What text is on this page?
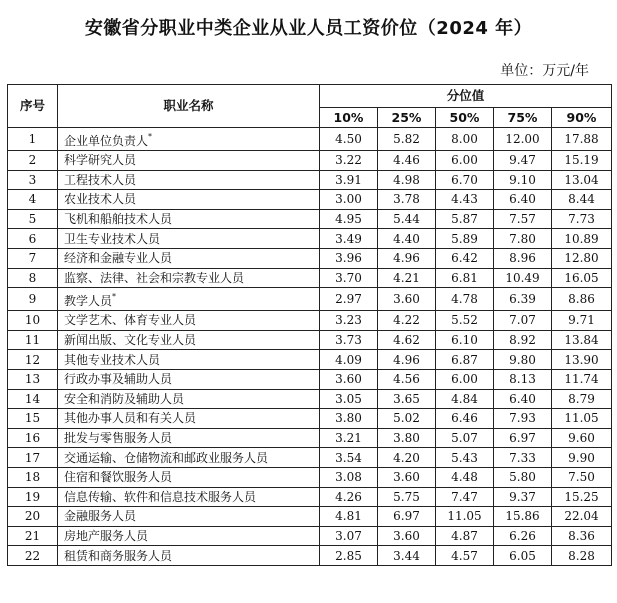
安徽省分职业中类企业从业人员工资价位（2024 年）
单位：万元/年
序号	职业名称	分位值				
		10%	25%	50%	75%	90%
1	企业单位负责人*	4.50	5.82	8.00	12.00	17.88
2	科学研究人员	3.22	4.46	6.00	9.47	15.19
3	工程技术人员	3.91	4.98	6.70	9.10	13.04
4	农业技术人员	3.00	3.78	4.43	6.40	8.44
5	飞机和船舶技术人员	4.95	5.44	5.87	7.57	7.73
6	卫生专业技术人员	3.49	4.40	5.89	7.80	10.89
7	经济和金融专业人员	3.96	4.96	6.42	8.96	12.80
8	监察、法律、社会和宗教专业人员	3.70	4.21	6.81	10.49	16.05
9	教学人员*	2.97	3.60	4.78	6.39	8.86
10	文学艺术、体育专业人员	3.23	4.22	5.52	7.07	9.71
11	新闻出版、文化专业人员	3.73	4.62	6.10	8.92	13.84
12	其他专业技术人员	4.09	4.96	6.87	9.80	13.90
13	行政办事及辅助人员	3.60	4.56	6.00	8.13	11.74
14	安全和消防及辅助人员	3.05	3.65	4.84	6.40	8.79
15	其他办事人员和有关人员	3.80	5.02	6.46	7.93	11.05
16	批发与零售服务人员	3.21	3.80	5.07	6.97	9.60
17	交通运输、仓储物流和邮政业服务人员	3.54	4.20	5.43	7.33	9.90
18	住宿和餐饮服务人员	3.08	3.60	4.48	5.80	7.50
19	信息传输、软件和信息技术服务人员	4.26	5.75	7.47	9.37	15.25
20	金融服务人员	4.81	6.97	11.05	15.86	22.04
21	房地产服务人员	3.07	3.60	4.87	6.26	8.36
22	租赁和商务服务人员	2.85	3.44	4.57	6.05	8.28
